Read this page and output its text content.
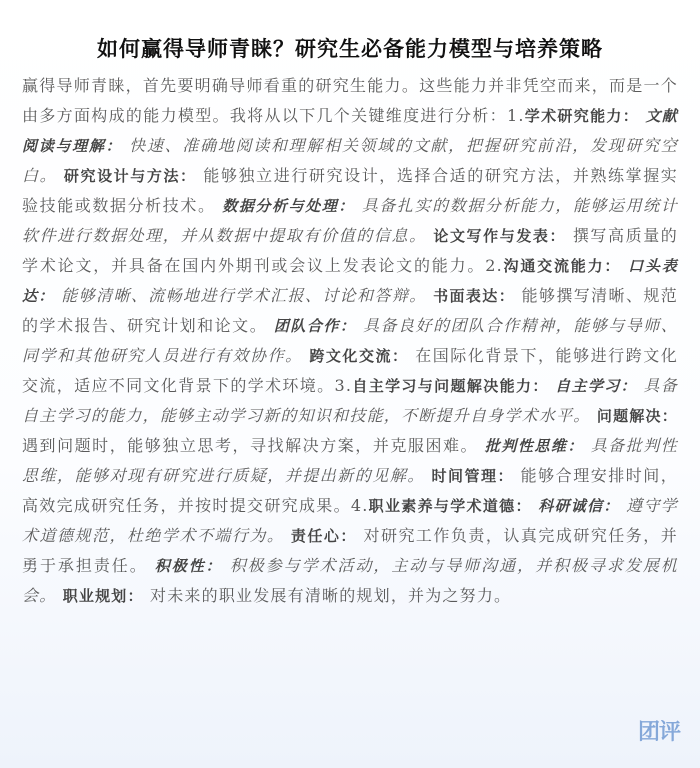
如何赢得导师青睐？研究生必备能力模型与培养策略

赢得导师青睐，首先要明确导师看重的研究生能力。这些能力并非凭空而来，而是一个由多方面构成的能力模型。我将从以下几个关键维度进行分析：1.学术研究能力： 文献阅读与理解： 快速、准确地阅读和理解相关领域的文献，把握研究前沿，发现研究空白。 研究设计与方法： 能够独立进行研究设计，选择合适的研究方法，并熟练掌握实验技能或数据分析技术。 数据分析与处理： 具备扎实的数据分析能力，能够运用统计软件进行数据处理，并从数据中提取有价值的信息。 论文写作与发表： 撰写高质量的学术论文，并具备在国内外期刊或会议上发表论文的能力。2.沟通交流能力： 口头表达： 能够清晰、流畅地进行学术汇报、讨论和答辩。 书面表达： 能够撰写清晰、规范的学术报告、研究计划和论文。 团队合作： 具备良好的团队合作精神，能够与导师、同学和其他研究人员进行有效协作。 跨文化交流： 在国际化背景下，能够进行跨文化交流，适应不同文化背景下的学术环境。3.自主学习与问题解决能力： 自主学习： 具备自主学习的能力，能够主动学习新的知识和技能，不断提升自身学术水平。 问题解决： 遇到问题时，能够独立思考，寻找解决方案，并克服困难。 批判性思维： 具备批判性思维，能够对现有研究进行质疑，并提出新的见解。 时间管理： 能够合理安排时间，高效完成研究任务，并按时提交研究成果。4.职业素养与学术道德： 科研诚信： 遵守学术道德规范，杜绝学术不端行为。 责任心： 对研究工作负责，认真完成研究任务，并勇于承担责任。 积极性： 积极参与学术活动，主动与导师沟通，并积极寻求发展机会。 职业规划： 对未来的职业发展有清晰的规划，并为之努力。

团评
